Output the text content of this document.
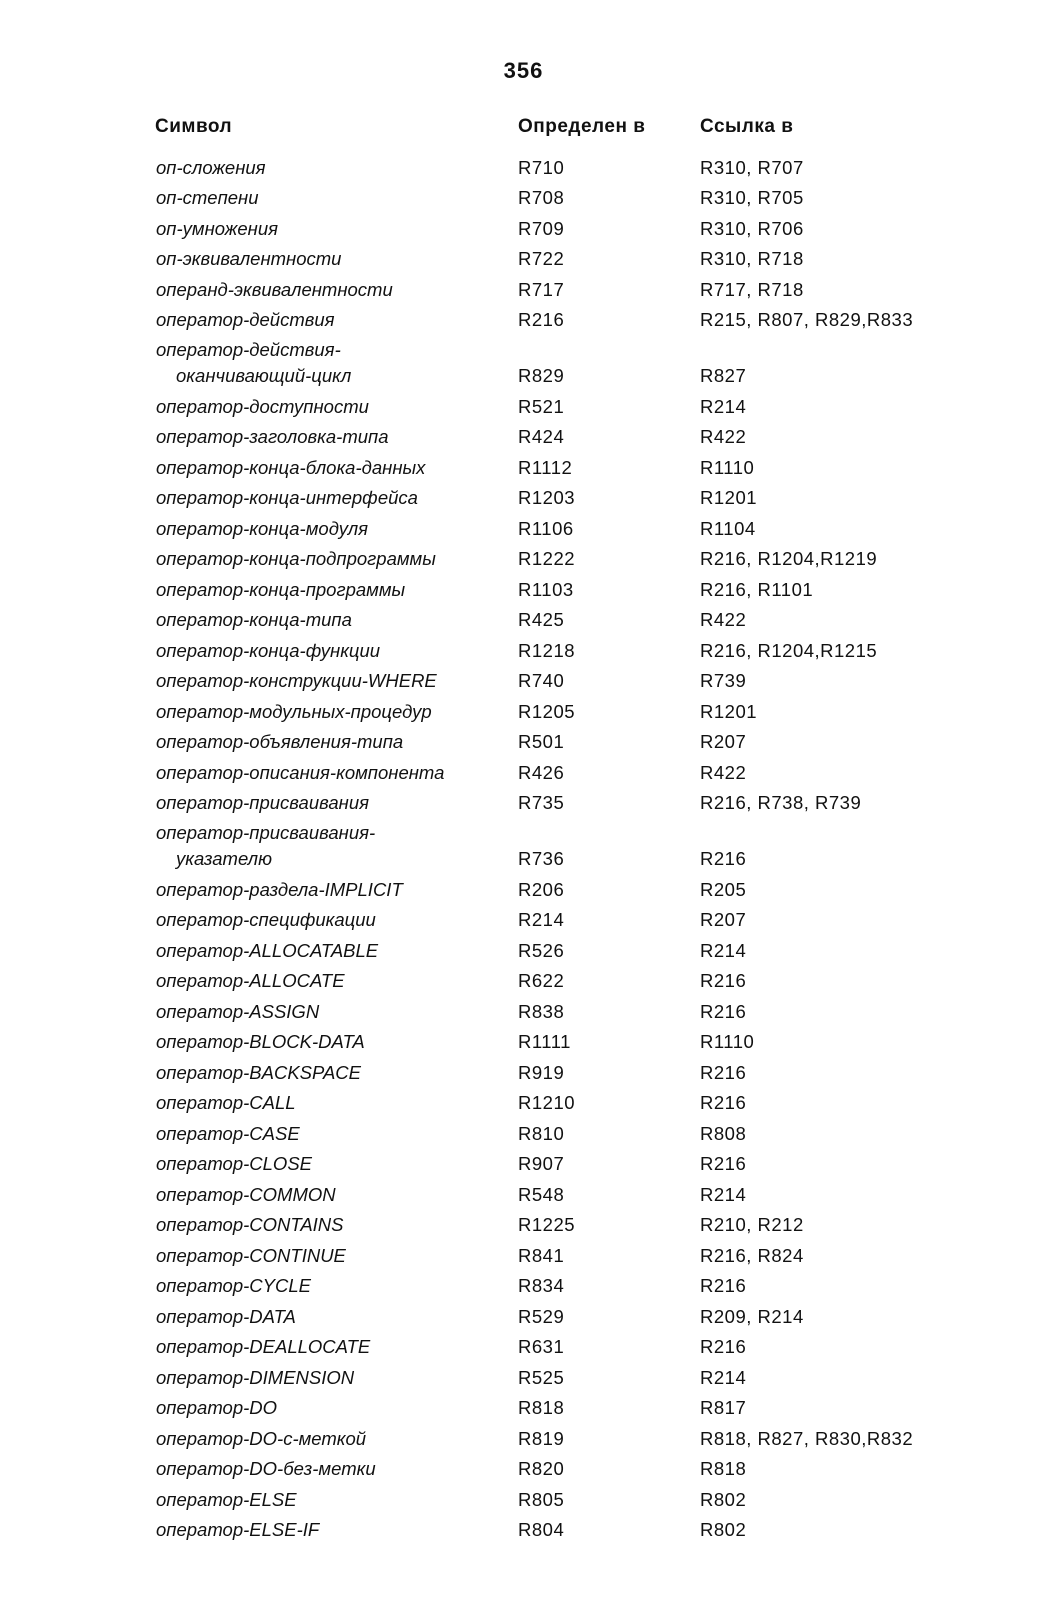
356
Символ	Определен в	Ссылка в
оп-сложения	R710	R310, R707
оп-степени	R708	R310, R705
оп-умножения	R709	R310, R706
оп-эквивалентности	R722	R310, R718
операнд-эквивалентности	R717	R717, R718
оператор-действия	R216	R215, R807, R829,R833
оператор-действия-
оканчивающий-цикл	R829	R827
оператор-доступности	R521	R214
оператор-заголовка-типа	R424	R422
оператор-конца-блока-данных	R1112	R1110
оператор-конца-интерфейса	R1203	R1201
оператор-конца-модуля	R1106	R1104
оператор-конца-подпрограммы	R1222	R216, R1204,R1219
оператор-конца-программы	R1103	R216, R1101
оператор-конца-типа	R425	R422
оператор-конца-функции	R1218	R216, R1204,R1215
оператор-конструкции-WHERE	R740	R739
оператор-модульных-процедур	R1205	R1201
оператор-объявления-типа	R501	R207
оператор-описания-компонента	R426	R422
оператор-присваивания	R735	R216, R738, R739
оператор-присваивания-
указателю	R736	R216
оператор-раздела-IMPLICIT	R206	R205
оператор-спецификации	R214	R207
оператор-ALLOCATABLE	R526	R214
оператор-ALLOCATE	R622	R216
оператор-ASSIGN	R838	R216
оператор-BLOCK-DATA	R1111	R1110
оператор-BACKSPACE	R919	R216
оператор-CALL	R1210	R216
оператор-CASE	R810	R808
оператор-CLOSE	R907	R216
оператор-COMMON	R548	R214
оператор-CONTAINS	R1225	R210, R212
оператор-CONTINUE	R841	R216, R824
оператор-CYCLE	R834	R216
оператор-DATA	R529	R209, R214
оператор-DEALLOCATE	R631	R216
оператор-DIMENSION	R525	R214
оператор-DO	R818	R817
оператор-DO-с-меткой	R819	R818, R827, R830,R832
оператор-DO-без-метки	R820	R818
оператор-ELSE	R805	R802
оператор-ELSE-IF	R804	R802
